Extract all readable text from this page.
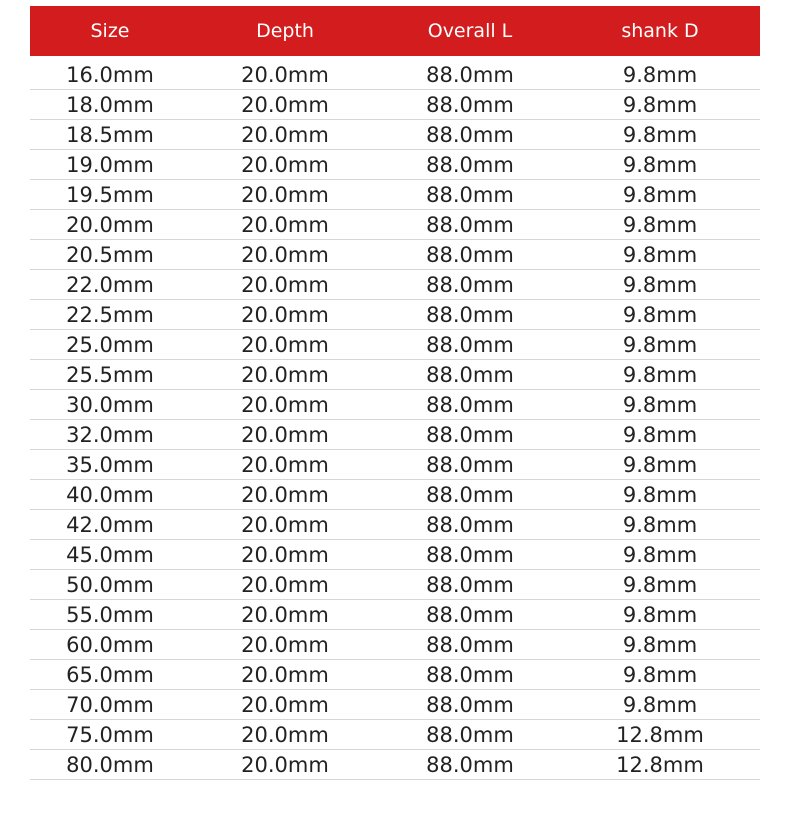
Size	Depth	Overall L	shank D
16.0mm	20.0mm	88.0mm	9.8mm
18.0mm	20.0mm	88.0mm	9.8mm
18.5mm	20.0mm	88.0mm	9.8mm
19.0mm	20.0mm	88.0mm	9.8mm
19.5mm	20.0mm	88.0mm	9.8mm
20.0mm	20.0mm	88.0mm	9.8mm
20.5mm	20.0mm	88.0mm	9.8mm
22.0mm	20.0mm	88.0mm	9.8mm
22.5mm	20.0mm	88.0mm	9.8mm
25.0mm	20.0mm	88.0mm	9.8mm
25.5mm	20.0mm	88.0mm	9.8mm
30.0mm	20.0mm	88.0mm	9.8mm
32.0mm	20.0mm	88.0mm	9.8mm
35.0mm	20.0mm	88.0mm	9.8mm
40.0mm	20.0mm	88.0mm	9.8mm
42.0mm	20.0mm	88.0mm	9.8mm
45.0mm	20.0mm	88.0mm	9.8mm
50.0mm	20.0mm	88.0mm	9.8mm
55.0mm	20.0mm	88.0mm	9.8mm
60.0mm	20.0mm	88.0mm	9.8mm
65.0mm	20.0mm	88.0mm	9.8mm
70.0mm	20.0mm	88.0mm	9.8mm
75.0mm	20.0mm	88.0mm	12.8mm
80.0mm	20.0mm	88.0mm	12.8mm
